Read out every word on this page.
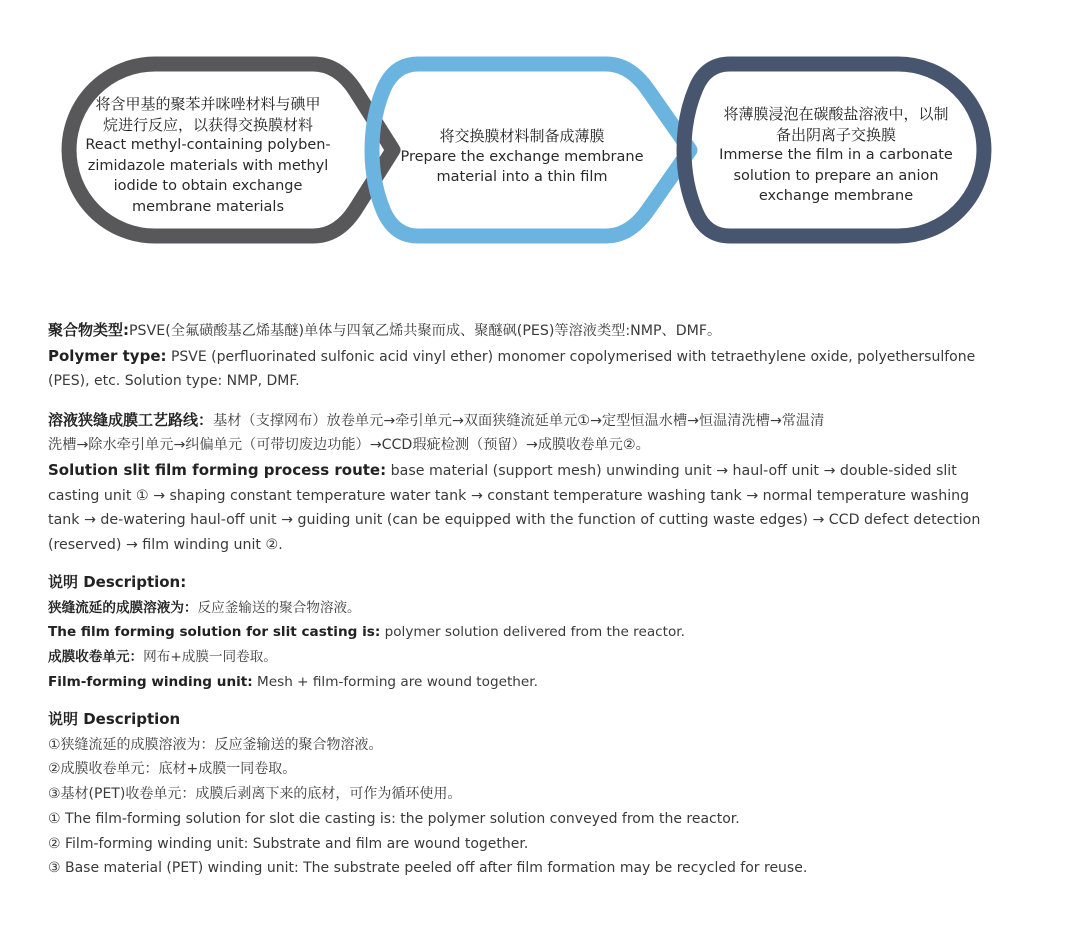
将含甲基的聚苯并咪唑材料与碘甲
烷进行反应，以获得交换膜材料
React methyl-containing polyben-
zimidazole materials with methyl
iodide to obtain exchange
membrane materials
将交换膜材料制备成薄膜
Prepare the exchange membrane
material into a thin film
将薄膜浸泡在碳酸盐溶液中，以制
备出阴离子交换膜
Immerse the film in a carbonate
solution to prepare an anion
exchange membrane
聚合物类型:PSVE(全氟磺酸基乙烯基醚)单体与四氧乙烯共聚而成、聚醚砜(PES)等溶液类型:NMP、DMF。
Polymer type: PSVE (perfluorinated sulfonic acid vinyl ether) monomer copolymerised with tetraethylene oxide, polyethersulfone
(PES), etc. Solution type: NMP, DMF.
溶液狭缝成膜工艺路线：基材（支撑网布）放卷单元→牵引单元→双面狭缝流延单元①→定型恒温水槽→恒温清洗槽→常温清
洗槽→除水牵引单元→纠偏单元（可带切废边功能）→CCD瑕疵检测（预留）→成膜收卷单元②。
Solution slit film forming process route: base material (support mesh) unwinding unit → haul-off unit → double-sided slit
casting unit ① → shaping constant temperature water tank → constant temperature washing tank → normal temperature washing
tank → de-watering haul-off unit → guiding unit (can be equipped with the function of cutting waste edges) → CCD defect detection
(reserved) → film winding unit ②.
说明 Description:
狭缝流延的成膜溶液为：反应釜输送的聚合物溶液。
The film forming solution for slit casting is: polymer solution delivered from the reactor.
成膜收卷单元：网布+成膜一同卷取。
Film-forming winding unit: Mesh + film-forming are wound together.
说明 Description
①狭缝流延的成膜溶液为：反应釜输送的聚合物溶液。
②成膜收卷单元：底材+成膜一同卷取。
③基材(PET)收卷单元：成膜后剥离下来的底材，可作为循环使用。
① The film-forming solution for slot die casting is: the polymer solution conveyed from the reactor.
② Film-forming winding unit: Substrate and film are wound together.
③ Base material (PET) winding unit: The substrate peeled off after film formation may be recycled for reuse.
